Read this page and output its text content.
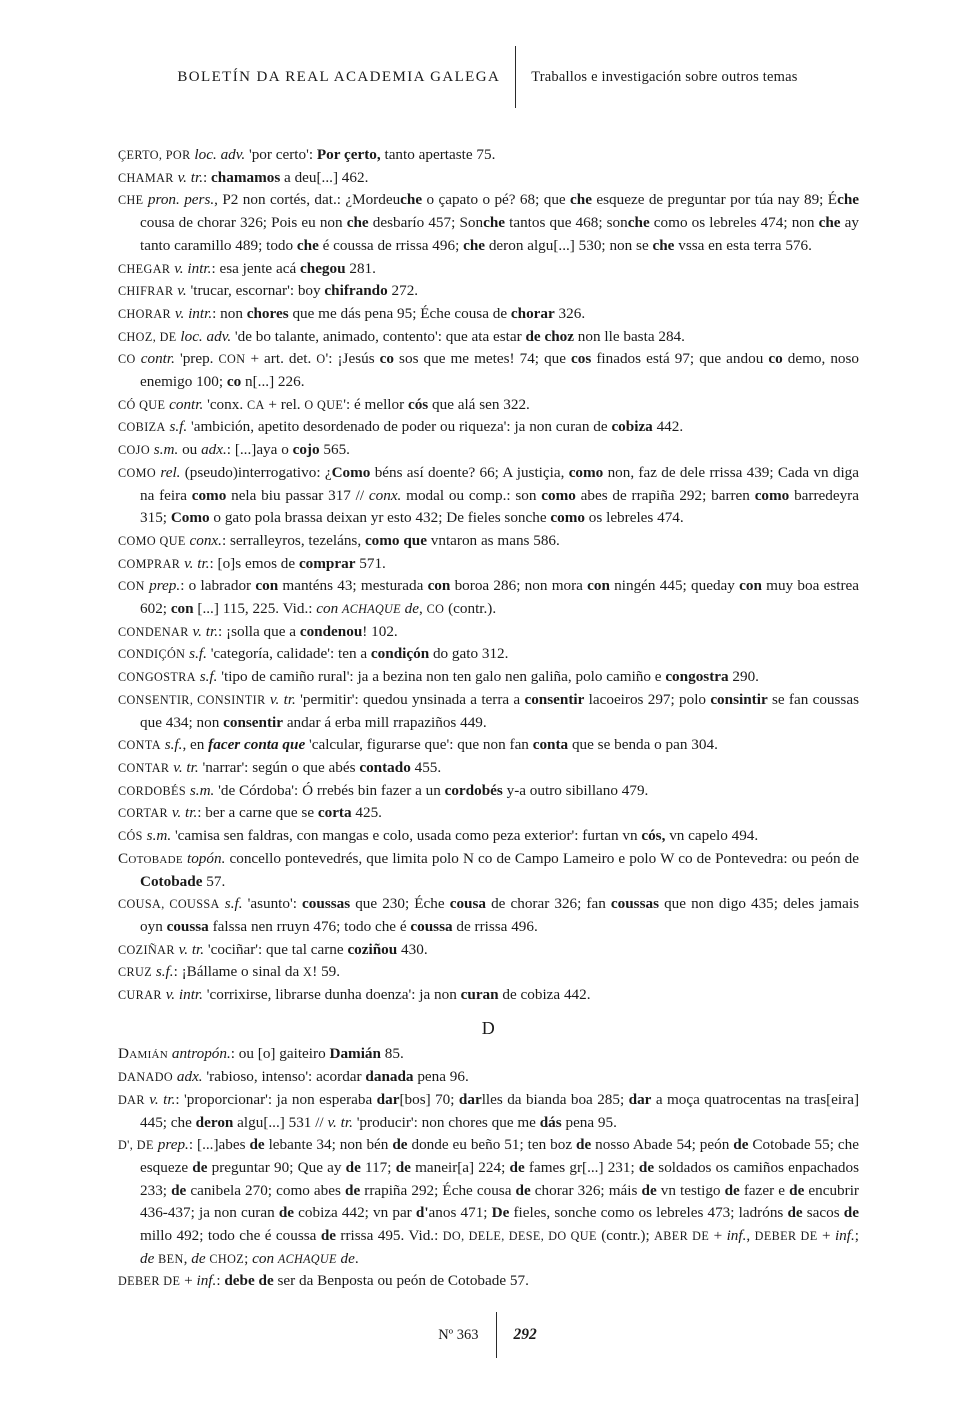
BOLETÍN DA REAL ACADEMIA GALEGA Traballos e investigación sobre outros temas

ÇERTO, POR loc. adv. 'por certo': Por çerto, tanto apertaste 75.

CHAMAR v. tr.: chamamos a deu[...] 462.

CHE pron. pers., P2 non cortés, dat.: ¿Mordeuche o çapato o pé? 68; que che esqueze de preguntar por túa nay 89; Éche cousa de chorar 326; Pois eu non che desbarío 457; Sonche tantos que 468; sonche como os lebreles 474; non che ay tanto caramillo 489; todo che é coussa de rrissa 496; che deron algu[...] 530; non se che vssa en esta terra 576.

CHEGAR v. intr.: esa jente acá chegou 281.

CHIFRAR v. 'trucar, escornar': boy chifrando 272.

CHORAR v. intr.: non chores que me dás pena 95; Éche cousa de chorar 326.

CHOZ, DE loc. adv. 'de bo talante, animado, contento': que ata estar de choz non lle basta 284.

CO contr. 'prep. CON + art. det. O': ¡Jesús co sos que me metes! 74; que cos finados está 97; que andou co demo, noso enemigo 100; co n[...] 226.

CÓ QUE contr. 'conx. CA + rel. O QUE': é mellor cós que alá sen 322.

COBIZA s.f. 'ambición, apetito desordenado de poder ou riqueza': ja non curan de cobiza 442.

COJO s.m. ou adx.: [...]aya o cojo 565.

COMO rel. (pseudo)interrogativo: ¿Como béns así doente? 66; A justiçia, como non, faz de dele rrissa 439; Cada vn diga na feira como nela biu passar 317 // conx. modal ou comp.: son como abes de rrapiña 292; barren como barredeyra 315; Como o gato pola brassa deixan yr esto 432; De fieles sonche como os lebreles 474.

COMO QUE conx.: serralleyros, tezeláns, como que vntaron as mans 586.

COMPRAR v. tr.: [o]s emos de comprar 571.

CON prep.: o labrador con manténs 43; mesturada con boroa 286; non mora con ningén 445; queday con muy boa estrea 602; con [...] 115, 225. Vid.: con ACHAQUE de, CO (contr.).

CONDENAR v. tr.: ¡solla que a condenou! 102.

CONDIÇÓN s.f. 'categoría, calidade': ten a condiçón do gato 312.

CONGOSTRA s.f. 'tipo de camiño rural': ja a bezina non ten galo nen galiña, polo camiño e congostra 290.

CONSENTIR, CONSINTIR v. tr. 'permitir': quedou ynsinada a terra a consentir lacoeiros 297; polo consintir se fan coussas que 434; non consentir andar á erba mill rrapaziños 449.

CONTA s.f., en facer conta que 'calcular, figurarse que': que non fan conta que se benda o pan 304.

CONTAR v. tr. 'narrar': según o que abés contado 455.

CORDOBÉS s.m. 'de Córdoba': Ó rrebés bin fazer a un cordobés y-a outro sibillano 479.

CORTAR v. tr.: ber a carne que se corta 425.

CÓS s.m. 'camisa sen faldras, con mangas e colo, usada como peza exterior': furtan vn cós, vn capelo 494.

Cotobade topón. concello pontevedrés, que limita polo N co de Campo Lameiro e polo W co de Pontevedra: ou peón de Cotobade 57.

COUSA, COUSSA s.f. 'asunto': coussas que 230; Éche cousa de chorar 326; fan coussas que non digo 435; deles jamais oyn coussa falssa nen rruyn 476; todo che é coussa de rrissa 496.

COZIÑAR v. tr. 'cociñar': que tal carne coziñou 430.

CRUZ s.f.: ¡Bállame o sinal da X! 59.

CURAR v. intr. 'corrixirse, librarse dunha doenza': ja non curan de cobiza 442.

D

Damián antropón.: ou [o] gaiteiro Damián 85.

DANADO adx. 'rabioso, intenso': acordar danada pena 96.

DAR v. tr.: 'proporcionar': ja non esperaba dar[bos] 70; darlles da bianda boa 285; dar a moça quatrocentas na tras[eira] 445; che deron algu[...] 531 // v. tr. 'producir': non chores que me dás pena 95.

D', DE prep.: [...]abes de lebante 34; non bén de donde eu beño 51; ten boz de nosso Abade 54; peón de Cotobade 55; che esqueze de preguntar 90; Que ay de 117; de maneir[a] 224; de fames gr[...] 231; de soldados os camiños enpachados 233; de canibela 270; como abes de rrapiña 292; Éche cousa de chorar 326; máis de vn testigo de fazer e de encubrir 436-437; ja non curan de cobiza 442; vn par d'anos 471; De fieles, sonche como os lebreles 473; ladróns de sacos de millo 492; todo che é coussa de rrissa 495. Vid.: DO, DELE, DESE, DO QUE (contr.); ABER DE + inf., DEBER DE + inf.; de BEN, de CHOZ; con ACHAQUE de.

DEBER DE + inf.: debe de ser da Benposta ou peón de Cotobade 57.

Nº 363 292
